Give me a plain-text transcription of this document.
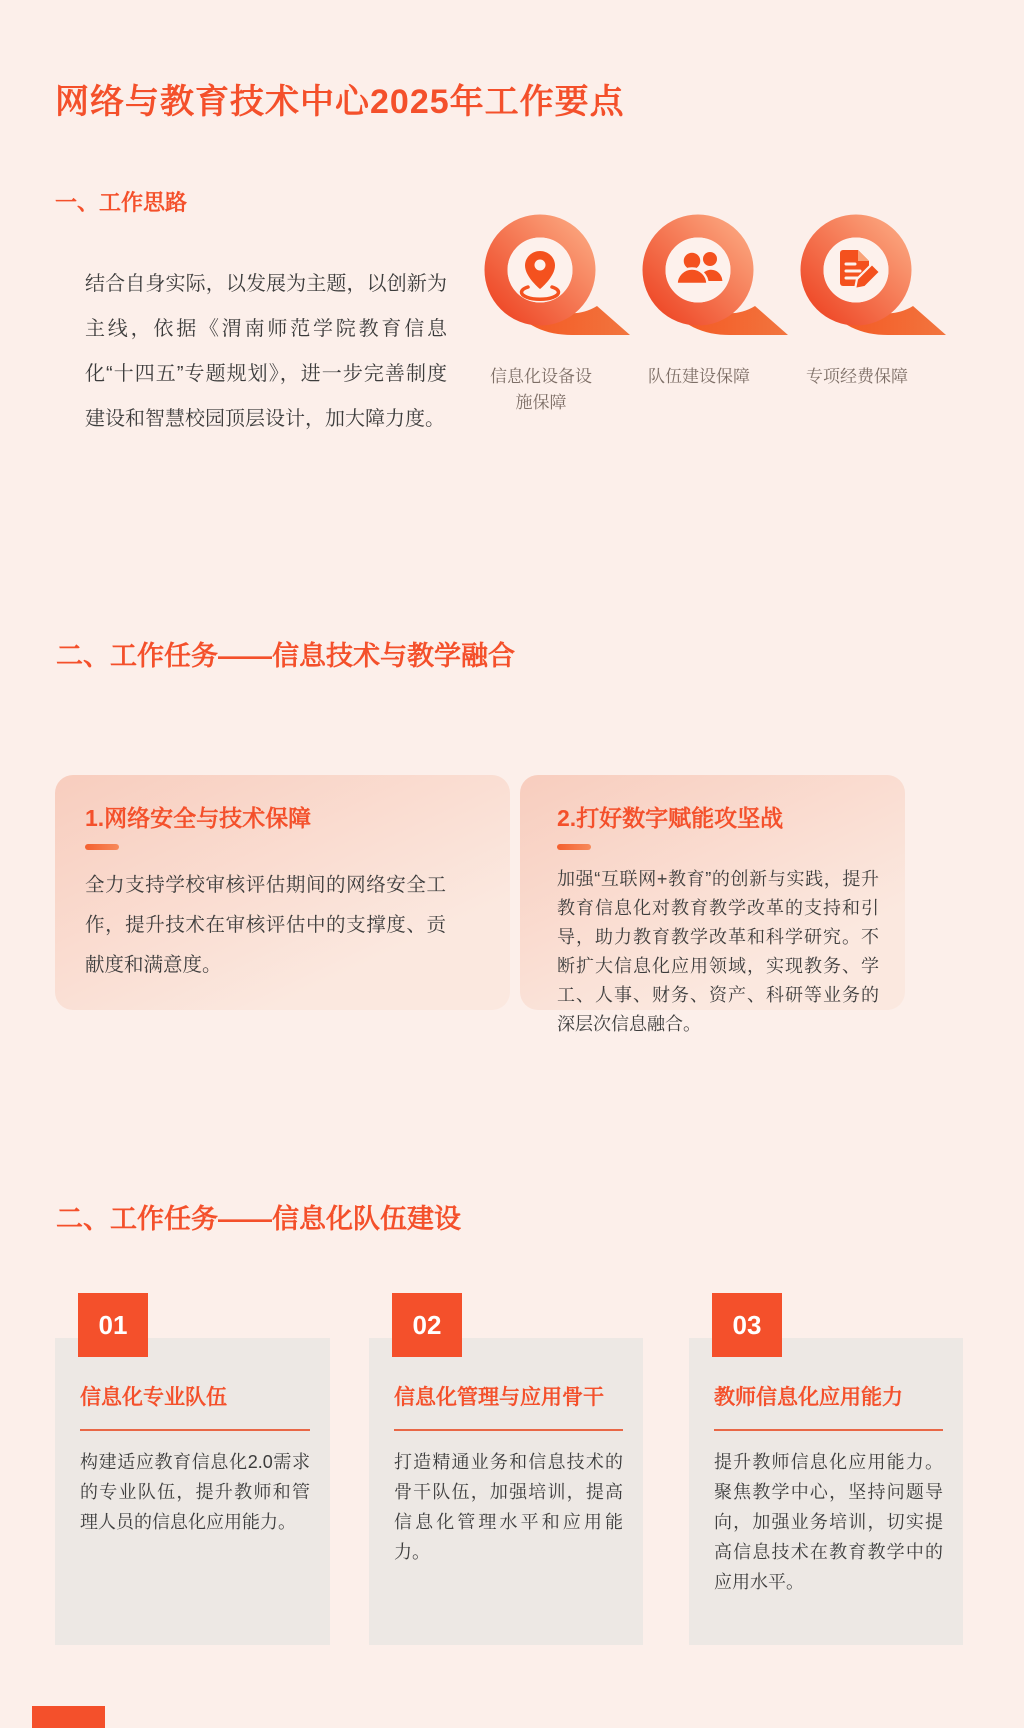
网络与教育技术中心2025年工作要点
一、工作思路

结合自身实际，以发展为主题，以创新为主线，依据《渭南师范学院教育信息化“十四五”专题规划》，进一步完善制度建设和智慧校园顶层设计，加大障力度。

信息化设备设施保障
队伍建设保障	专项经费保障
二、工作任务——信息技术与教学融合
1.网络安全与技术保障
全力支持学校审核评估期间的网络安全工作，提升技术在审核评估中的支撑度、贡献度和满意度。
2.打好数字赋能攻坚战
加强“互联网+教育”的创新与实践，提升教育信息化对教育教学改革的支持和引导，助力教育教学改革和科学研究。不断扩大信息化应用领域，实现教务、学工、人事、财务、资产、科研等业务的深层次信息融合。
二、工作任务——信息化队伍建设
01
信息化专业队伍
构建适应教育信息化2.0需求的专业队伍，提升教师和管理人员的信息化应用能力。
02
信息化管理与应用骨干
打造精通业务和信息技术的骨干队伍，加强培训，提高信息化管理水平和应用能力。
03
教师信息化应用能力
提升教师信息化应用能力。聚焦教学中心，坚持问题导向，加强业务培训，切实提高信息技术在教育教学中的应用水平。
